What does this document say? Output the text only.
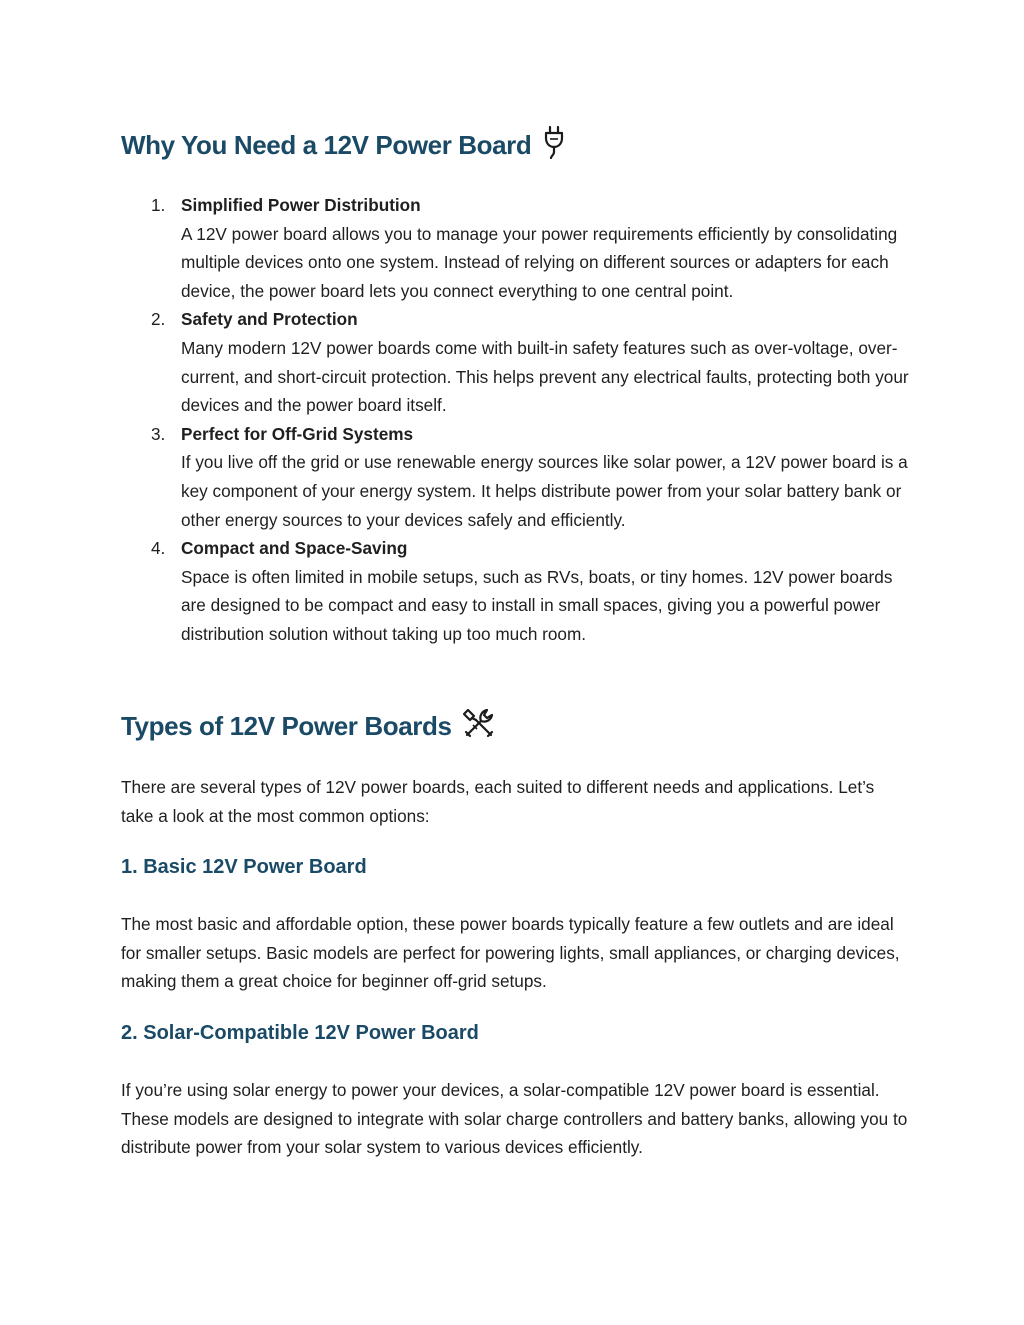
Why You Need a 12V Power Board
1. Simplified Power Distribution
A 12V power board allows you to manage your power requirements efficiently by consolidating multiple devices onto one system. Instead of relying on different sources or adapters for each device, the power board lets you connect everything to one central point.
2. Safety and Protection
Many modern 12V power boards come with built-in safety features such as over-voltage, over-current, and short-circuit protection. This helps prevent any electrical faults, protecting both your devices and the power board itself.
3. Perfect for Off-Grid Systems
If you live off the grid or use renewable energy sources like solar power, a 12V power board is a key component of your energy system. It helps distribute power from your solar battery bank or other energy sources to your devices safely and efficiently.
4. Compact and Space-Saving
Space is often limited in mobile setups, such as RVs, boats, or tiny homes. 12V power boards are designed to be compact and easy to install in small spaces, giving you a powerful power distribution solution without taking up too much room.
Types of 12V Power Boards

There are several types of 12V power boards, each suited to different needs and applications. Let’s take a look at the most common options:

1. Basic 12V Power Board

The most basic and affordable option, these power boards typically feature a few outlets and are ideal for smaller setups. Basic models are perfect for powering lights, small appliances, or charging devices, making them a great choice for beginner off-grid setups.

2. Solar-Compatible 12V Power Board

If you’re using solar energy to power your devices, a solar-compatible 12V power board is essential. These models are designed to integrate with solar charge controllers and battery banks, allowing you to distribute power from your solar system to various devices efficiently.
